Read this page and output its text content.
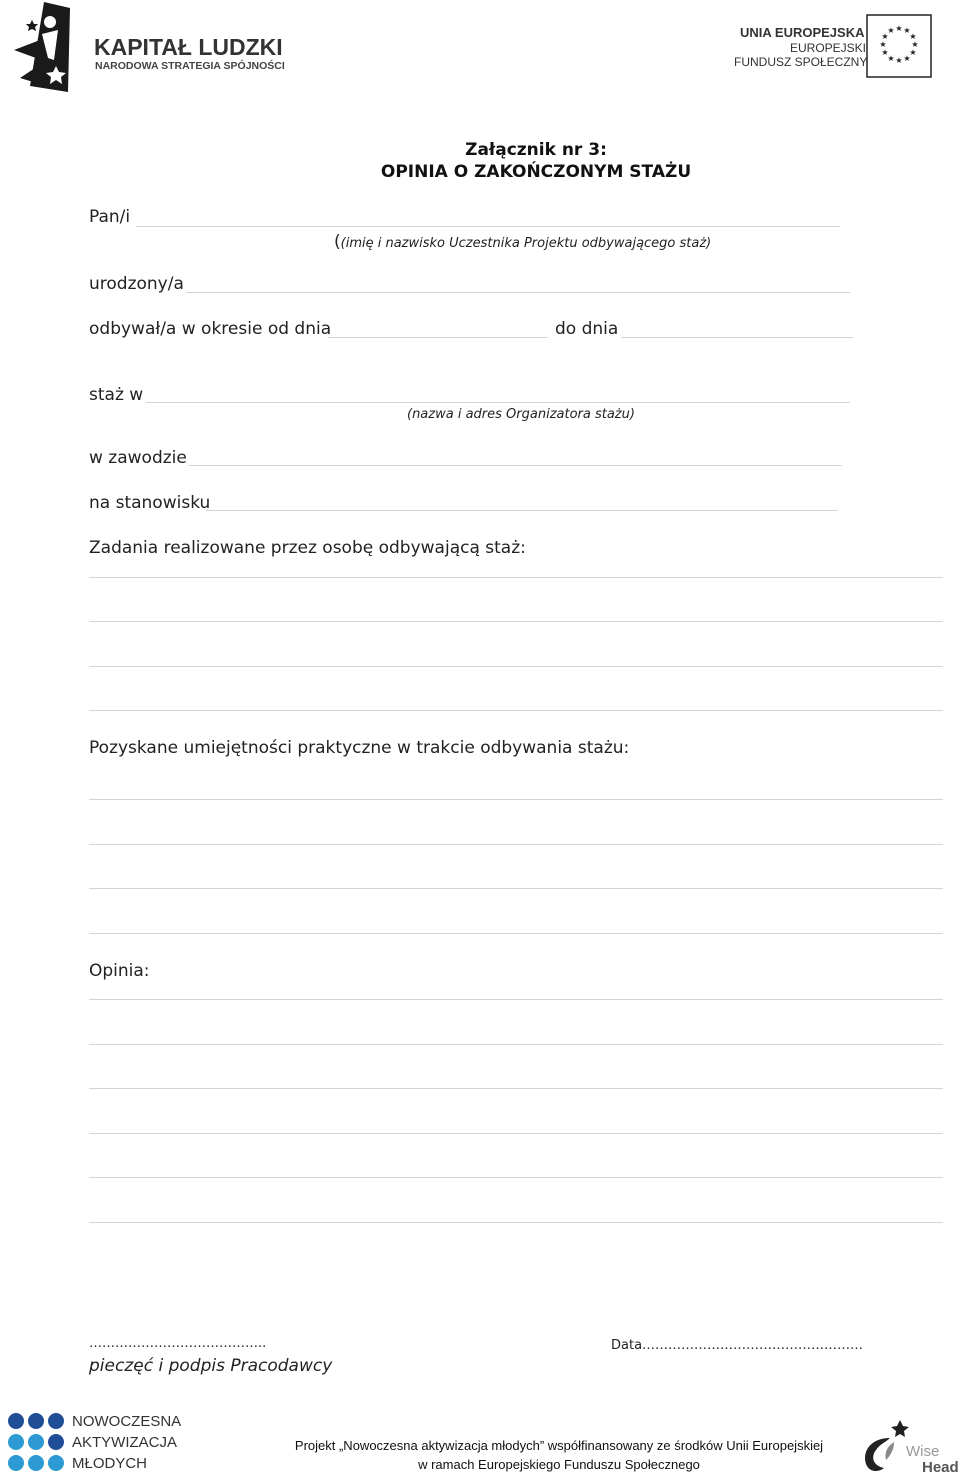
KAPITAŁ LUDZKI
NARODOWA STRATEGIA SPÓJNOŚCI
UNIA EUROPEJSKA
EUROPEJSKI
FUNDUSZ SPOŁECZNY
★ ★
★
★
★
★
★
★
★
★
★
★
Załącznik nr 3:
OPINIA O ZAKOŃCZONYM STAŻU
Pan/i
((imię i nazwisko Uczestnika Projektu odbywającego staż)
urodzony/a
odbywał/a w okresie od dnia	do dnia
staż w
(nazwa i adres Organizatora stażu)
w zawodzie
na stanowisku
Zadania realizowane przez osobę odbywającą staż:
Pozyskane umiejętności praktyczne w trakcie odbywania stażu:
Opinia:
…………………………………..
pieczęć i podpis Pracodawcy
Data……………………………………………
NOWOCZESNA
AKTYWIZACJA
MŁODYCH
Projekt „Nowoczesna aktywizacja młodych” współfinansowany ze środków Unii Europejskiej
w ramach Europejskiego Funduszu Społecznego
Wise
Head
